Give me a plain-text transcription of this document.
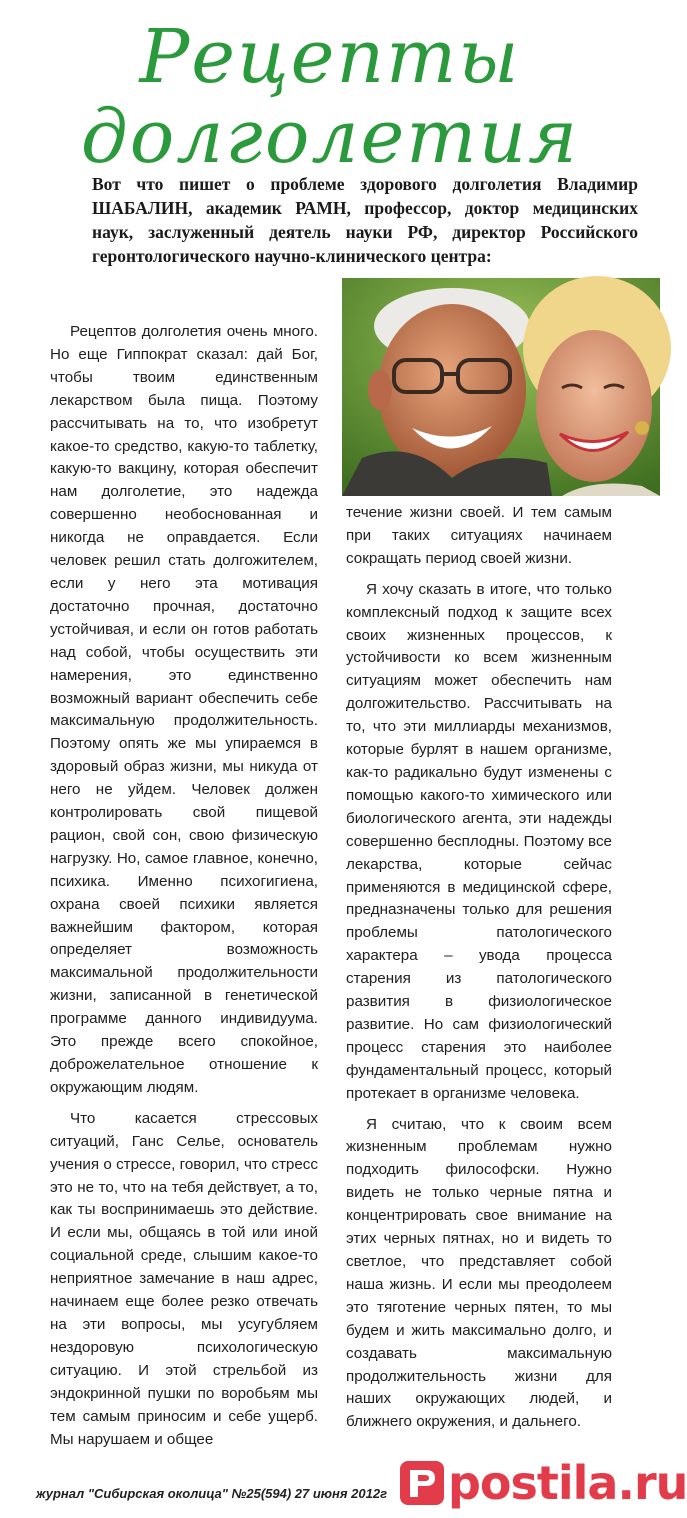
Рецепты
долголетия

Вот что пишет о проблеме здорового долголетия Владимир ШАБАЛИН, академик РАМН, профессор, доктор медицинских наук, заслуженный деятель науки РФ, директор Российского геронтологического научно-клинического центра:

Рецептов долголетия очень много. Но еще Гиппократ сказал: дай Бог, чтобы твоим единственным лекарством была пища. Поэтому рассчитывать на то, что изобретут какое-то средство, какую-то таблетку, какую-то вакцину, которая обеспечит нам долголетие, это надежда совершенно необоснованная и никогда не оправдается. Если человек решил стать долгожителем, если у него эта мотивация достаточно прочная, достаточно устойчивая, и если он готов работать над собой, чтобы осуществить эти намерения, это единственно возможный вариант обеспечить себе максимальную продолжительность. Поэтому опять же мы упираемся в здоровый образ жизни, мы никуда от него не уйдем. Человек должен контролировать свой пищевой рацион, свой сон, свою физическую нагрузку. Но, самое главное, конечно, психика. Именно психогигиена, охрана своей психики является важнейшим фактором, которая определяет возможность максимальной продолжительности жизни, записанной в генетической программе данного индивидуума. Это прежде всего спокойное, доброжелательное отношение к окружающим людям.

Что касается стрессовых ситуаций, Ганс Селье, основатель учения о стрессе, говорил, что стресс это не то, что на тебя действует, а то, как ты воспринимаешь это действие. И если мы, общаясь в той или иной социальной среде, слышим какое-то неприятное замечание в наш адрес, начинаем еще более резко отвечать на эти вопросы, мы усугубляем нездоровую психологическую ситуацию. И этой стрельбой из эндокринной пушки по воробьям мы тем самым приносим и себе ущерб. Мы нарушаем и общее

течение жизни своей. И тем самым при таких ситуациях начинаем сокращать период своей жизни.

Я хочу сказать в итоге, что только комплексный подход к защите всех своих жизненных процессов, к устойчивости ко всем жизненным ситуациям может обеспечить нам долгожительство. Рассчитывать на то, что эти миллиарды механизмов, которые бурлят в нашем организме, как-то радикально будут изменены с помощью какого-то химического или биологического агента, эти надежды совершенно бесплодны. Поэтому все лекарства, которые сейчас применяются в медицинской сфере, предназначены только для решения проблемы патологического характера – увода процесса старения из патологического развития в физиологическое развитие. Но сам физиологический процесс старения это наиболее фундаментальный процесс, который протекает в организме человека.

Я считаю, что к своим всем жизненным проблемам нужно подходить философски. Нужно видеть не только черные пятна и концентрировать свое внимание на этих черных пятнах, но и видеть то светлое, что представляет собой наша жизнь. И если мы преодолеем это тяготение черных пятен, то мы будем и жить максимально долго, и создавать максимальную продолжительность жизни для наших окружающих людей, и ближнего окружения, и дальнего.

журнал "Сибирская околица" №25(594) 27 июня 2012г postila.ru
